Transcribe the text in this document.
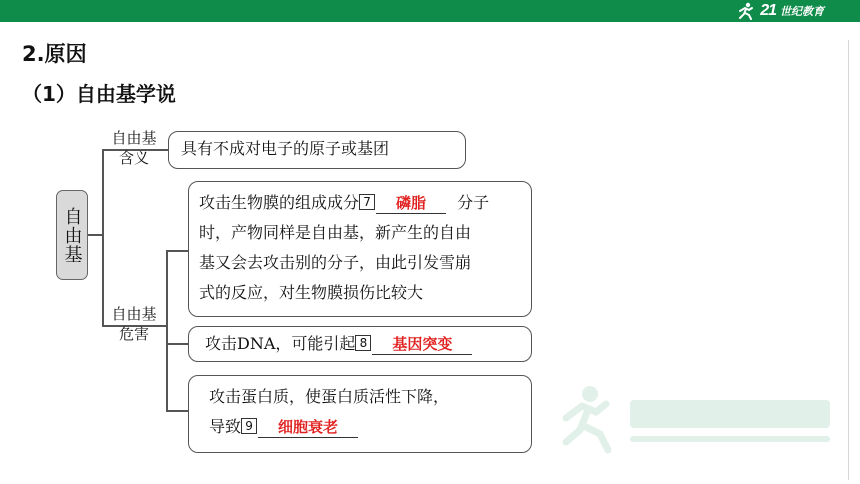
21 世纪教育
2.原因
（1）自由基学说
自由基
自由基
含义
自由基
危害
具有不成对电子的原子或基团
攻击生物膜的组成成分 7 磷脂 分子
时，产物同样是自由基，新产生的自由
基又会去攻击别的分子，由此引发雪崩
式的反应，对生物膜损伤比较大
攻击DNA，可能引起 8 基因突变
攻击蛋白质，使蛋白质活性下降，
导致 9 细胞衰老
